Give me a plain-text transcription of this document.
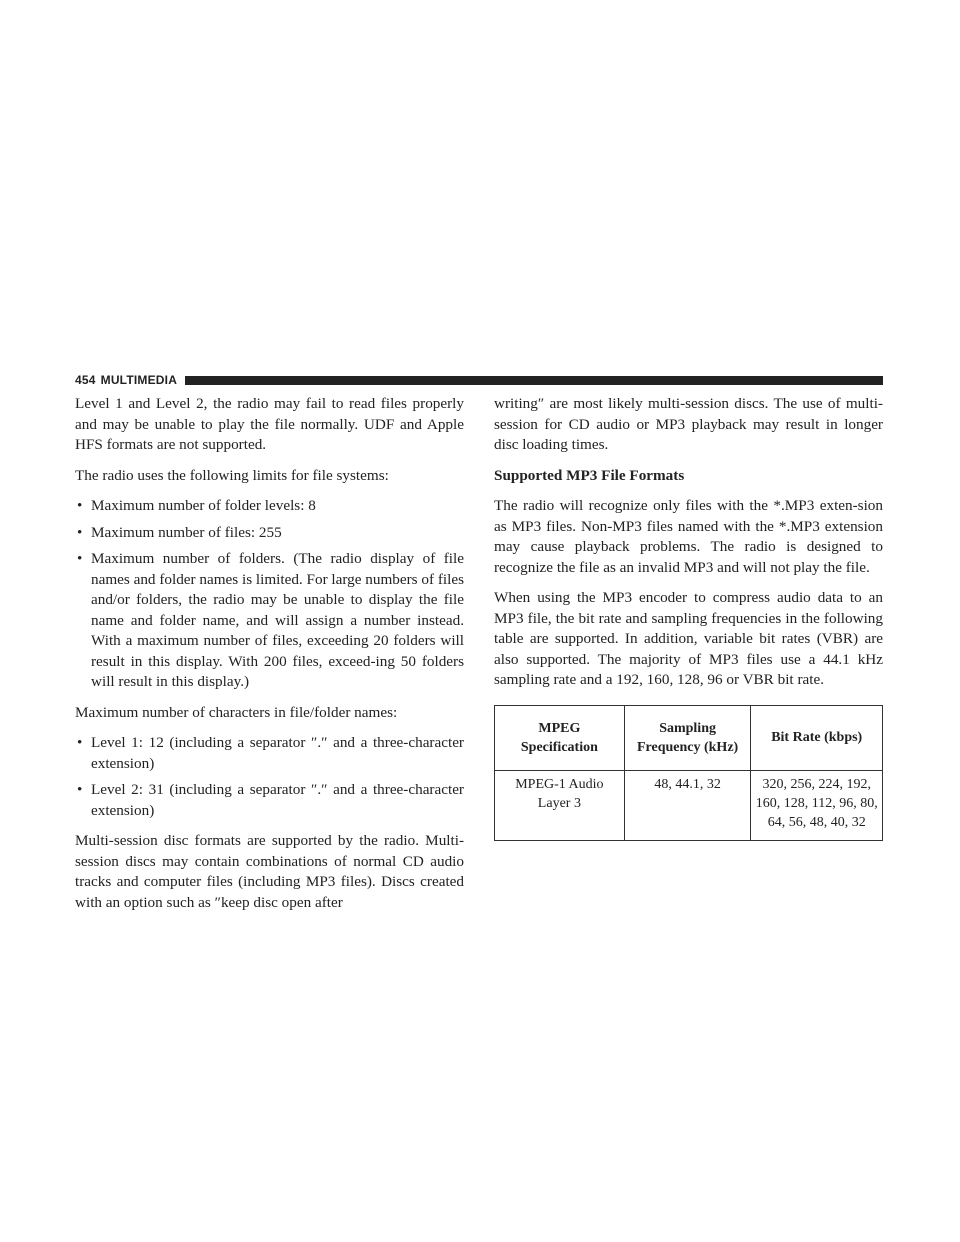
454 MULTIMEDIA

Level 1 and Level 2, the radio may fail to read files properly and may be unable to play the file normally. UDF and Apple HFS formats are not supported.

The radio uses the following limits for file systems:

• Maximum number of folder levels: 8
• Maximum number of files: 255
• Maximum number of folders. (The radio display of file names and folder names is limited. For large numbers of files and/or folders, the radio may be unable to display the file name and folder name, and will assign a number instead. With a maximum number of files, exceeding 20 folders will result in this display. With 200 files, exceed-ing 50 folders will result in this display.)

Maximum number of characters in file/folder names:

• Level 1: 12 (including a separator ″.″ and a three-character extension)
• Level 2: 31 (including a separator ″.″ and a three-character extension)

Multi-session disc formats are supported by the radio. Multi-session discs may contain combinations of normal CD audio tracks and computer files (including MP3 files). Discs created with an option such as ″keep disc open after

writing″ are most likely multi-session discs. The use of multi-session for CD audio or MP3 playback may result in longer disc loading times.

Supported MP3 File Formats

The radio will recognize only files with the *.MP3 exten-sion as MP3 files. Non-MP3 files named with the *.MP3 extension may cause playback problems. The radio is designed to recognize the file as an invalid MP3 and will not play the file.

When using the MP3 encoder to compress audio data to an MP3 file, the bit rate and sampling frequencies in the following table are supported. In addition, variable bit rates (VBR) are also supported. The majority of MP3 files use a 44.1 kHz sampling rate and a 192, 160, 128, 96 or VBR bit rate.

MPEG Specification	Sampling Frequency (kHz)	Bit Rate (kbps)
MPEG-1 Audio Layer 3	48, 44.1, 32	320, 256, 224, 192, 160, 128, 112, 96, 80, 64, 56, 48, 40, 32
